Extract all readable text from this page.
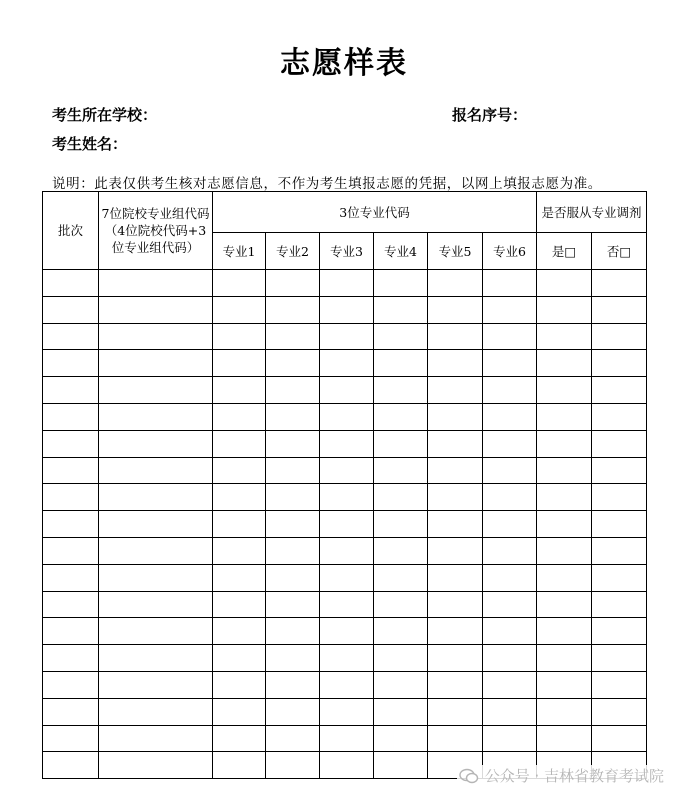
志愿样表
考生所在学校：	报名序号：
考生姓名：
说明：此表仅供考生核对志愿信息，不作为考生填报志愿的凭据，以网上填报志愿为准。
批次	7位院校专业组代码（4位院校代码+3位专业组代码）	3位专业代码						是否服从专业调剂	
		专业1	专业2	专业3	专业4	专业5	专业6	是□	否□

公众号 · 吉林省教育考试院
